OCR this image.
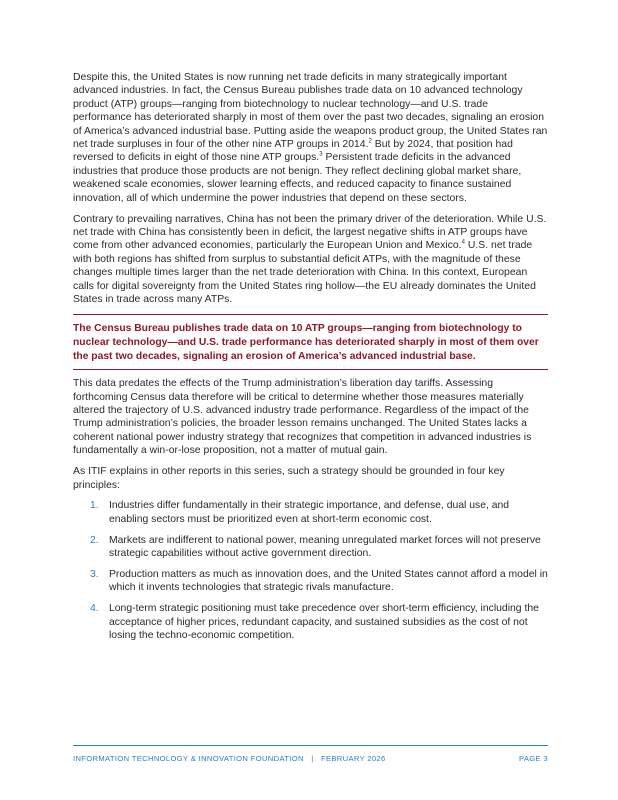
Despite this, the United States is now running net trade deficits in many strategically important advanced industries. In fact, the Census Bureau publishes trade data on 10 advanced technology product (ATP) groups—ranging from biotechnology to nuclear technology—and U.S. trade performance has deteriorated sharply in most of them over the past two decades, signaling an erosion of America’s advanced industrial base. Putting aside the weapons product group, the United States ran net trade surpluses in four of the other nine ATP groups in 2014.$^2$ But by 2024, that position had reversed to deficits in eight of those nine ATP groups.$^3$ Persistent trade deficits in the advanced industries that produce those products are not benign. They reflect declining global market share, weakened scale economies, slower learning effects, and reduced capacity to finance sustained innovation, all of which undermine the power industries that depend on these sectors.

Contrary to prevailing narratives, China has not been the primary driver of the deterioration. While U.S. net trade with China has consistently been in deficit, the largest negative shifts in ATP groups have come from other advanced economies, particularly the European Union and Mexico.$^4$ U.S. net trade with both regions has shifted from surplus to substantial deficit ATPs, with the magnitude of these changes multiple times larger than the net trade deterioration with China. In this context, European calls for digital sovereignty from the United States ring hollow—the EU already dominates the United States in trade across many ATPs.

The Census Bureau publishes trade data on 10 ATP groups—ranging from biotechnology to nuclear technology—and U.S. trade performance has deteriorated sharply in most of them over the past two decades, signaling an erosion of America’s advanced industrial base.

This data predates the effects of the Trump administration’s liberation day tariffs. Assessing forthcoming Census data therefore will be critical to determine whether those measures materially altered the trajectory of U.S. advanced industry trade performance. Regardless of the impact of the Trump administration’s policies, the broader lesson remains unchanged. The United States lacks a coherent national power industry strategy that recognizes that competition in advanced industries is fundamentally a win-or-lose proposition, not a matter of mutual gain.

As ITIF explains in other reports in this series, such a strategy should be grounded in four key principles:

1. Industries differ fundamentally in their strategic importance, and defense, dual use, and enabling sectors must be prioritized even at short-term economic cost.
2. Markets are indifferent to national power, meaning unregulated market forces will not preserve strategic capabilities without active government direction.
3. Production matters as much as innovation does, and the United States cannot afford a model in which it invents technologies that strategic rivals manufacture.
4. Long-term strategic positioning must take precedence over short-term efficiency, including the acceptance of higher prices, redundant capacity, and sustained subsidies as the cost of not losing the techno-economic competition.
INFORMATION TECHNOLOGY & INNOVATION FOUNDATION | FEBRUARY 2026	PAGE 3
